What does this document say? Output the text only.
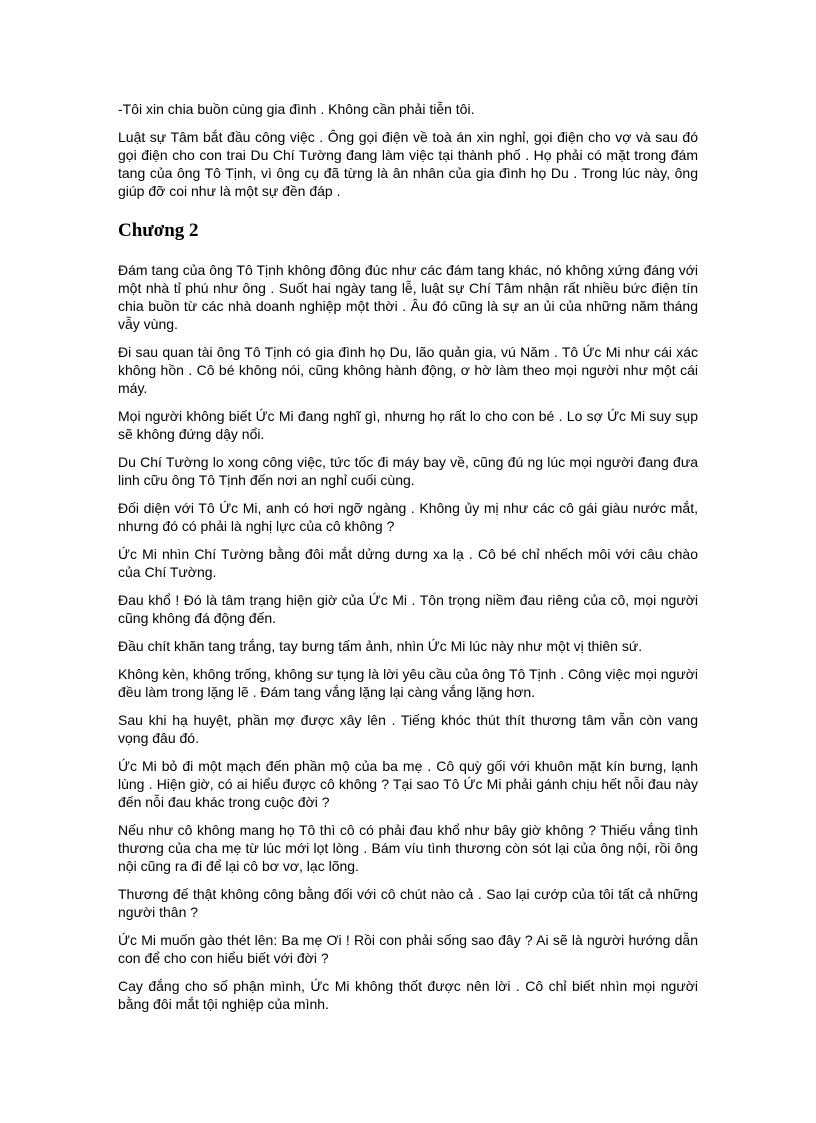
-Tôi xin chia buồn cùng gia đình . Không cần phải tiễn tôi.

Luật sự Tâm bắt đầu công việc . Ông gọi điện về toà án xin nghỉ, gọi điện cho vợ và sau đó gọi điện cho con trai Du Chí Tường đang làm việc tại thành phố . Họ phải có mặt trong đám tang của ông Tô Tịnh, vì ông cụ đã từng là ân nhân của gia đình họ Du . Trong lúc này, ông giúp đỡ coi như là một sự đền đáp .

Chương 2

Đám tang của ông Tô Tịnh không đông đúc như các đám tang khác, nó không xứng đáng với một nhà tỉ phú như ông . Suốt hai ngày tang lễ, luật sự Chí Tâm nhận rất nhiều bức điện tín chia buồn từ các nhà doanh nghiệp một thời . Âu đó cũng là sự an ủi của những năm tháng vẫy vùng.

Đi sau quan tài ông Tô Tịnh có gia đình họ Du, lão quản gia, vú Năm . Tô Ức Mi như cái xác không hồn . Cô bé không nói, cũng không hành động, ơ hờ làm theo mọi người như một cái máy.

Mọi người không biết Ức Mi đang nghĩ gì, nhưng họ rất lo cho con bé . Lo sợ Ức Mi suy sụp sẽ không đứng dậy nổi.

Du Chí Tường lo xong công việc, tức tốc đi máy bay về, cũng đú ng lúc mọi người đang đưa linh cữu ông Tô Tịnh đến nơi an nghỉ cuối cùng.

Đối diện với Tô Ức Mi, anh có hơi ngỡ ngàng . Không ủy mị như các cô gái giàu nước mắt, nhưng đó có phải là nghị lực của cô không ?

Ức Mi nhìn Chí Tường bằng đôi mắt dửng dưng xa lạ . Cô bé chỉ nhếch môi với câu chào của Chí Tường.

Đau khổ ! Đó là tâm trạng hiện giờ của Ức Mi . Tôn trọng niềm đau riêng của cô, mọi người cũng không đá động đến.

Đầu chít khăn tang trắng, tay bưng tấm ảnh, nhìn Ức Mi lúc này như một vị thiên sứ.

Không kèn, không trống, không sư tụng là lời yêu cầu của ông Tô Tịnh . Công việc mọi người đều làm trong lặng lẽ . Đám tang vắng lặng lại càng vắng lặng hơn.

Sau khi hạ huyệt, phần mợ được xây lên . Tiếng khóc thút thít thương tâm vẫn còn vang vọng đâu đó.

Ức Mi bỏ đi một mạch đến phần mộ của ba mẹ . Cô quỳ gối với khuôn mặt kín bưng, lạnh lùng . Hiện giờ, có ai hiểu được cô không ? Tại sao Tô Ức Mi phải gánh chịu hết nỗi đau này đến nỗi đau khác trong cuộc đời ?

Nếu như cô không mang họ Tô thì cô có phải đau khổ như bây giờ không ? Thiếu vắng tình thương của cha mẹ từ lúc mới lọt lòng . Bám víu tình thương còn sót lại của ông nội, rồi ông nội cũng ra đi để lại cô bơ vơ, lạc lõng.

Thương đế thật không công bằng đối với cô chút nào cả . Sao lại cướp của tôi tất cả những người thân ?

Ức Mi muốn gào thét lên: Ba mẹ Ơi ! Rồi con phải sống sao đây ? Ai sẽ là người hướng dẫn con để cho con hiểu biết với đời ?

Cay đắng cho số phận mình, Ức Mi không thốt được nên lời . Cô chỉ biết nhìn mọi người bằng đôi mắt tội nghiệp của mình.
